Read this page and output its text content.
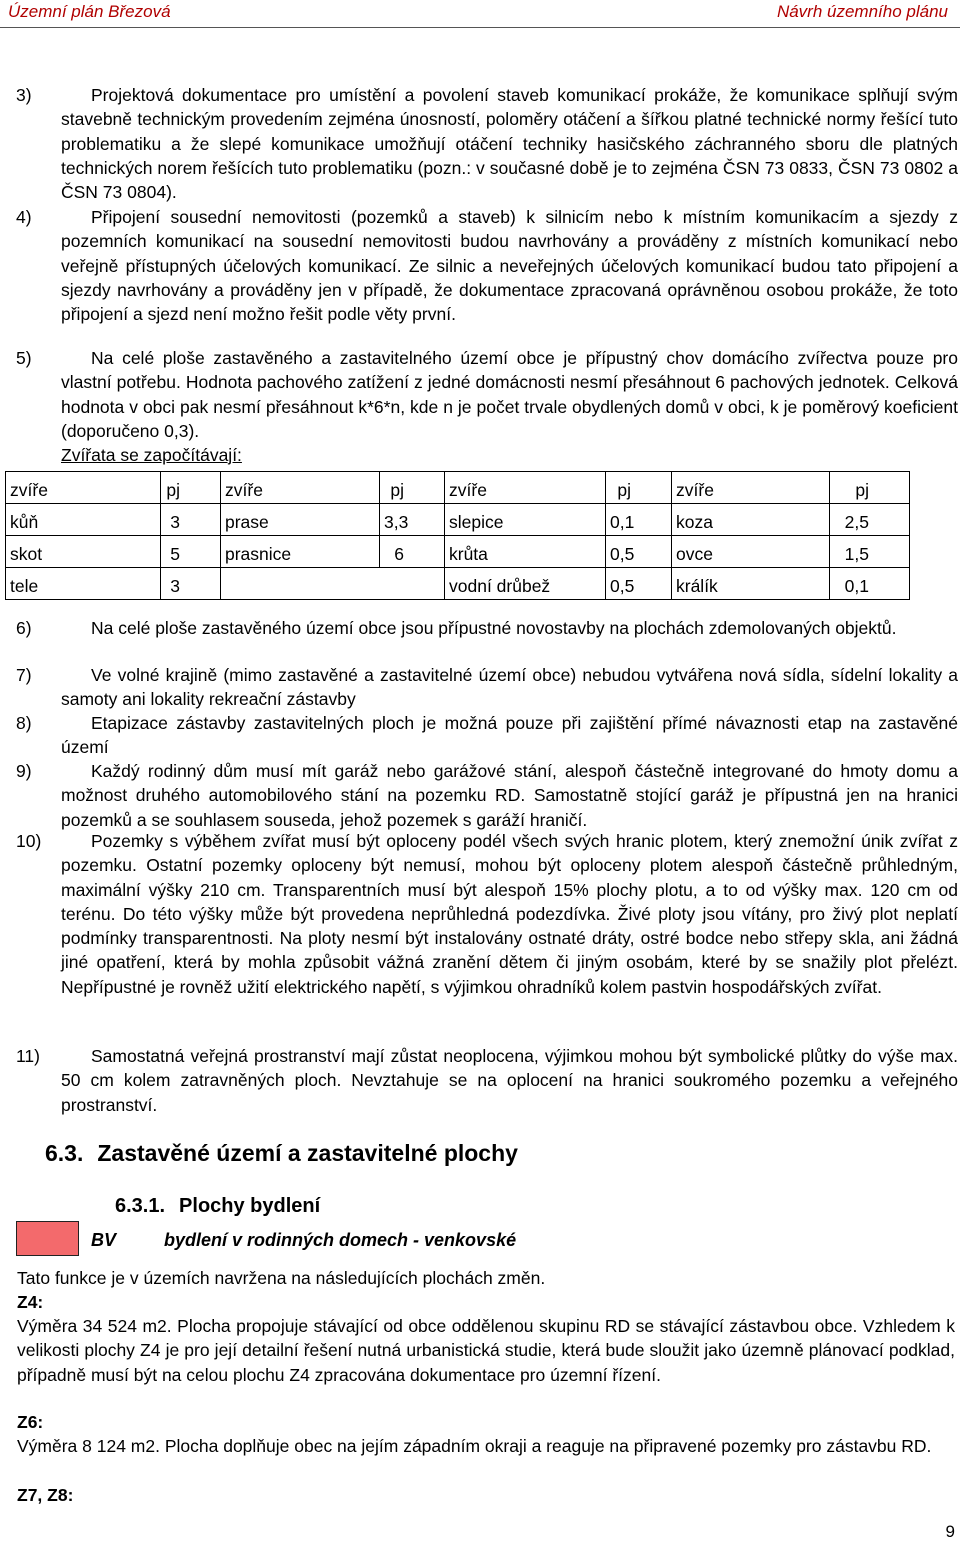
Územní plán Březová	Návrh územního plánu
3)	Projektová dokumentace pro umístění a povolení staveb komunikací prokáže, že komunikace splňují svým stavebně technickým provedením zejména únosností, poloměry otáčení a šířkou platné technické normy řešící tuto problematiku a že slepé komunikace umožňují otáčení techniky hasičského záchranného sboru dle platných technických norem řešících tuto problematiku (pozn.: v současné době je to zejména ČSN 73 0833, ČSN 73 0802 a ČSN 73 0804).
4)	Připojení sousední nemovitosti (pozemků a staveb) k silnicím nebo k místním komunikacím a sjezdy z pozemních komunikací na sousední nemovitosti budou navrhovány a prováděny z místních komunikací nebo veřejně přístupných účelových komunikací. Ze silnic a neveřejných účelových komunikací budou tato připojení a sjezdy navrhovány a prováděny jen v případě, že dokumentace zpracovaná oprávněnou osobou prokáže, že toto připojení a sjezd není možno řešit podle věty první.
5)	Na celé ploše zastavěného a zastavitelného území obce je přípustný chov domácího zvířectva pouze pro vlastní potřebu. Hodnota pachového zatížení z jedné domácnosti nesmí přesáhnout 6 pachových jednotek. Celková hodnota v obci pak nesmí přesáhnout k*6*n, kde n je počet trvale obydlených domů v obci, k je poměrový koeficient (doporučeno 0,3).
Zvířata se započítávají:
zvíře	pj	zvíře	pj	zvíře	pj	zvíře	pj
kůň	3	prase	3,3	slepice	0,1	koza	2,5
skot	5	prasnice	6	krůta	0,5	ovce	1,5
tele	3			vodní drůbež	0,5	králík	0,1
6)	Na celé ploše zastavěného území obce jsou přípustné novostavby na plochách zdemolovaných objektů.
7)	Ve volné krajině (mimo zastavěné a zastavitelné území obce) nebudou vytvářena nová sídla, sídelní lokality a samoty ani lokality rekreační zástavby
8)	Etapizace zástavby zastavitelných ploch je možná pouze při zajištění přímé návaznosti etap na zastavěné území
9)	Každý rodinný dům musí mít garáž nebo garážové stání, alespoň částečně integrované do hmoty domu a možnost druhého automobilového stání na pozemku RD. Samostatně stojící garáž je přípustná jen na hranici pozemků a se souhlasem souseda, jehož pozemek s garáží hraničí.
10)	Pozemky s výběhem zvířat musí být oploceny podél všech svých hranic plotem, který znemožní únik zvířat z pozemku. Ostatní pozemky oploceny být nemusí, mohou být oploceny plotem alespoň částečně průhledným, maximální výšky 210 cm. Transparentních musí být alespoň 15% plochy plotu, a to od výšky max. 120 cm od terénu. Do této výšky může být provedena neprůhledná podezdívka. Živé ploty jsou vítány, pro živý plot neplatí podmínky transparentnosti. Na ploty nesmí být instalovány ostnaté dráty, ostré bodce nebo střepy skla, ani žádná jiné opatření, která by mohla způsobit vážná zranění dětem či jiným osobám, které by se snažily plot přelézt. Nepřípustné je rovněž užití elektrického napětí, s výjimkou ohradníků kolem pastvin hospodářských zvířat.
11)	Samostatná veřejná prostranství mají zůstat neoplocena, výjimkou mohou být symbolické plůtky do výše max. 50 cm kolem zatravněných ploch. Nevztahuje se na oplocení na hranici soukromého pozemku a veřejného prostranství.
6.3. Zastavěné území a zastavitelné plochy
6.3.1. Plochy bydlení
BV	bydlení v rodinných domech - venkovské
Tato funkce je v územích navržena na následujících plochách změn.
Z4:
Výměra 34 524 m2. Plocha propojuje stávající od obce oddělenou skupinu RD se stávající zástavbou obce. Vzhledem k velikosti plochy Z4 je pro její detailní řešení nutná urbanistická studie, která bude sloužit jako územně plánovací podklad, případně musí být na celou plochu Z4 zpracována dokumentace pro územní řízení.
Z6:
Výměra 8 124 m2. Plocha doplňuje obec na jejím západním okraji a reaguje na připravené pozemky pro zástavbu RD.
Z7, Z8:
9
